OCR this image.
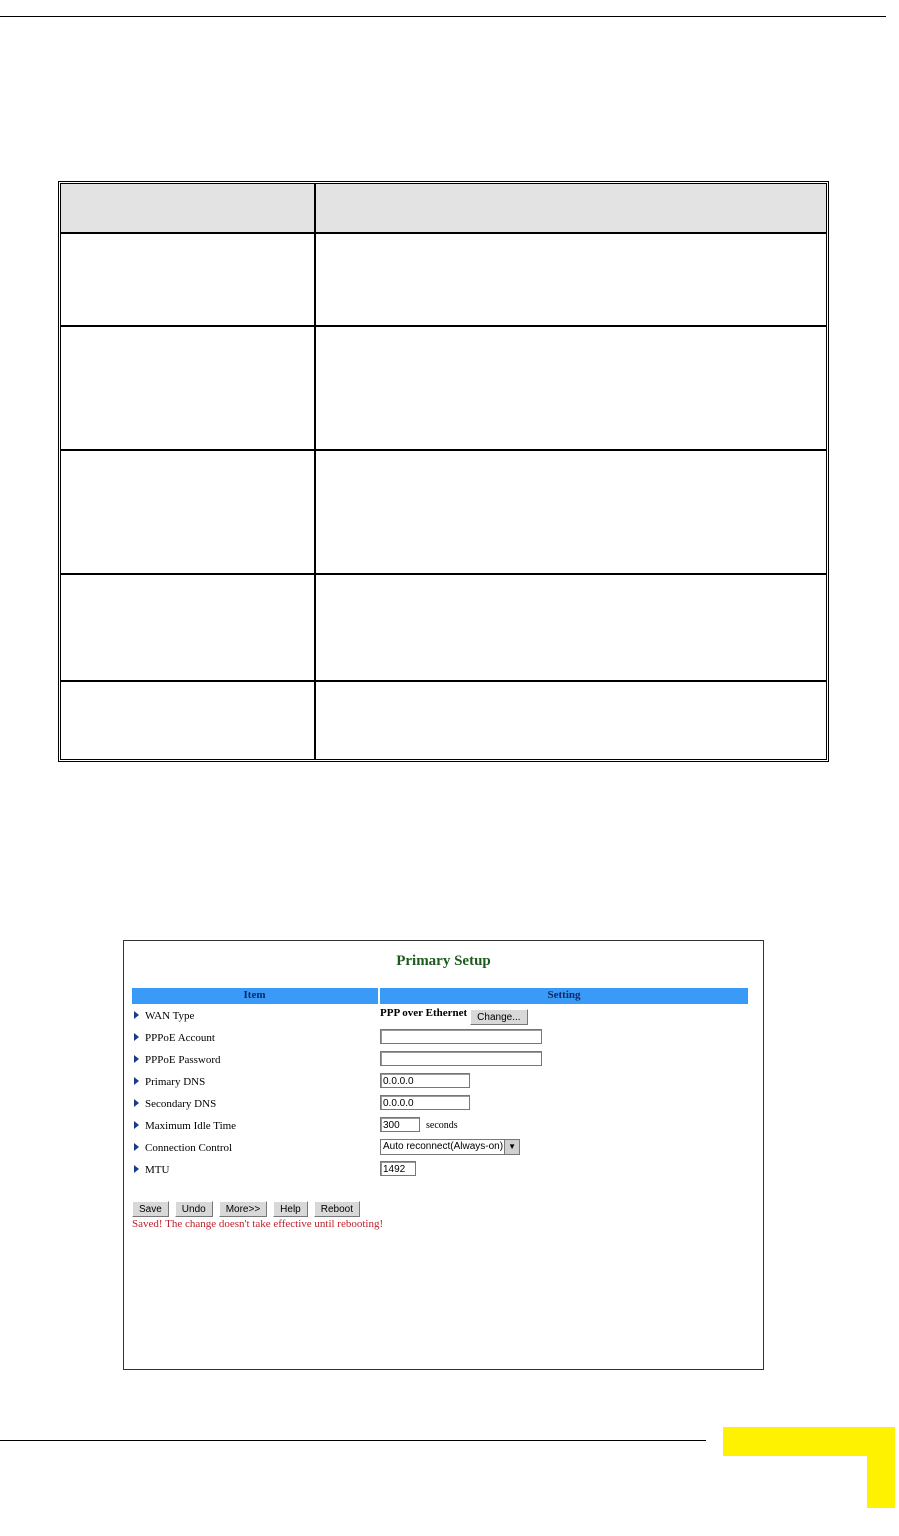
Primary Setup
Item	Setting
WAN Type	PPP over Ethernet Change...
PPPoE Account
PPPoE Password
Primary DNS	0.0.0.0
Secondary DNS	0.0.0.0
Maximum Idle Time	300	seconds
Connection Control	Auto reconnect(Always-on) ▼
MTU	1492
Save Undo More>> Help Reboot
Saved! The change doesn't take effective until rebooting!
